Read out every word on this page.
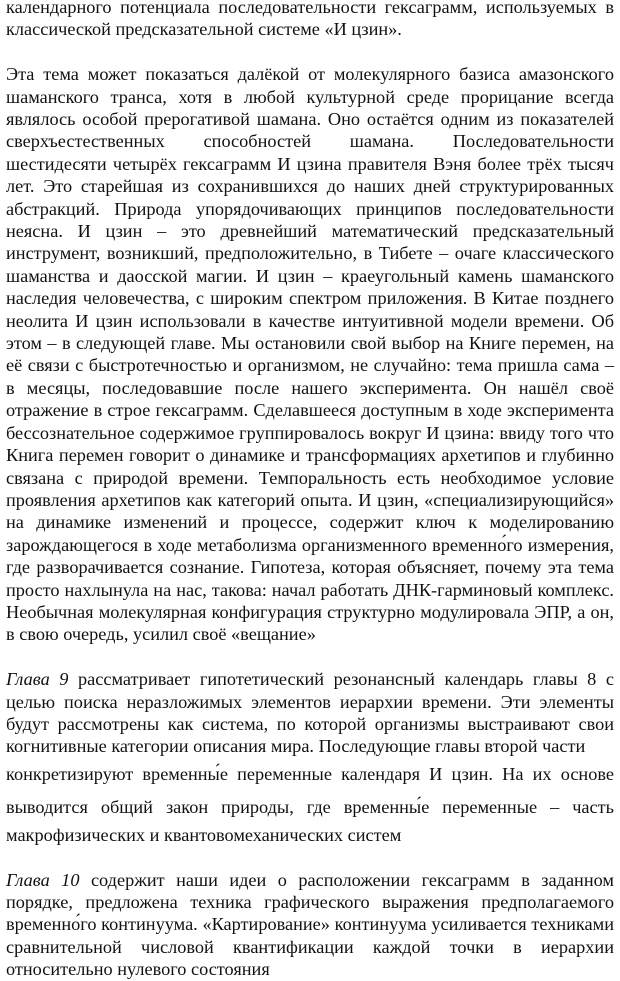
календарного потенциала последовательности гексаграмм, используемых в классической предсказательной системе «И цзин».

Эта тема может показаться далёкой от молекулярного базиса амазонского шаманского транса, хотя в любой культурной среде прорицание всегда являлось особой прерогативой шамана. Оно остаётся одним из показателей сверхъестественных способностей шамана. Последовательности шестидесяти четырёх гексаграмм И цзина правителя Вэня более трёх тысяч лет. Это старейшая из сохранившихся до наших дней структурированных абстракций. Природа упорядочивающих принципов последовательности неясна. И цзин – это древнейший математический предсказательный инструмент, возникший, предположительно, в Тибете – очаге классического шаманства и даосской магии. И цзин – краеугольный камень шаманского наследия человечества, с широким спектром приложения. В Китае позднего неолита И цзин использовали в качестве интуитивной модели времени. Об этом – в следующей главе. Мы остановили свой выбор на Книге перемен, на её связи с быстротечностью и организмом, не случайно: тема пришла сама – в месяцы, последовавшие после нашего эксперимента. Он нашёл своё отражение в строе гексаграмм. Сделавшееся доступным в ходе эксперимента бессознательное содержимое группировалось вокруг И цзина: ввиду того что Книга перемен говорит о динамике и трансформациях архетипов и глубинно связана с природой времени. Темпоральность есть необходимое условие проявления архетипов как категорий опыта. И цзин, «специализирующийся» на динамике изменений и процессе, содержит ключ к моделированию зарождающегося в ходе метаболизма организменного временно́го измерения, где разворачивается сознание. Гипотеза, которая объясняет, почему эта тема просто нахлынула на нас, такова: начал работать ДНК-гарминовый комплекс. Необычная молекулярная конфигурация структурно модулировала ЭПР, а он, в свою очередь, усилил своё «вещание»

Глава 9 рассматривает гипотетический резонансный календарь главы 8 с целью поиска неразложимых элементов иерархии времени. Эти элементы будут рассмотрены как система, по которой организмы выстраивают свои когнитивные категории описания мира. Последующие главы второй части
конкретизируют временны́е переменные календаря И цзин. На их основе
выводится общий закон природы, где временны́е переменные – часть
макрофизических и квантовомеханических систем

Глава 10 содержит наши идеи о расположении гексаграмм в заданном порядке, предложена техника графического выражения предполагаемого временно́го континуума. «Картирование» континуума усиливается техниками сравнительной числовой квантификации каждой точки в иерархии относительно нулевого состояния
